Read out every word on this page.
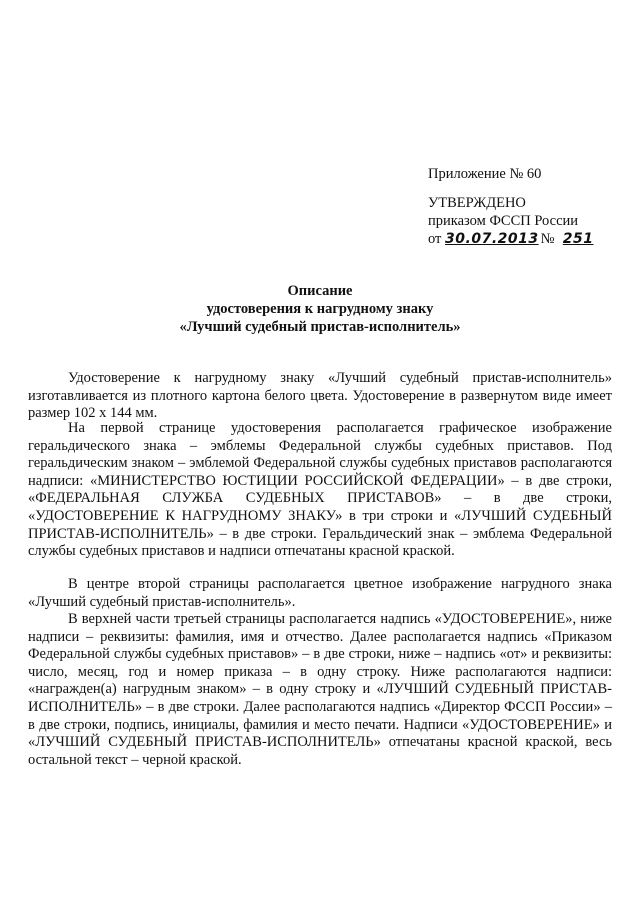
Приложение № 60
УТВЕРЖДЕНО
приказом ФССП России
от 30.07.2013 № 251
Описание
удостоверения к нагрудному знаку
«Лучший судебный пристав-исполнитель»

Удостоверение к нагрудному знаку «Лучший судебный пристав-исполнитель» изготавливается из плотного картона белого цвета. Удостоверение в развернутом виде имеет размер 102 х 144 мм.

На первой странице удостоверения располагается графическое изображение геральдического знака – эмблемы Федеральной службы судебных приставов. Под геральдическим знаком – эмблемой Федеральной службы судебных приставов располагаются надписи: «МИНИСТЕРСТВО ЮСТИЦИИ РОССИЙСКОЙ ФЕДЕРАЦИИ» – в две строки, «ФЕДЕРАЛЬНАЯ СЛУЖБА СУДЕБНЫХ ПРИСТАВОВ» – в две строки, «УДОСТОВЕРЕНИЕ К НАГРУДНОМУ ЗНАКУ» в три строки и «ЛУЧШИЙ СУДЕБНЫЙ ПРИСТАВ-ИСПОЛНИТЕЛЬ» – в две строки. Геральдический знак – эмблема Федеральной службы судебных приставов и надписи отпечатаны красной краской.

В центре второй страницы располагается цветное изображение нагрудного знака «Лучший судебный пристав-исполнитель».

В верхней части третьей страницы располагается надпись «УДОСТОВЕРЕНИЕ», ниже надписи – реквизиты: фамилия, имя и отчество. Далее располагается надпись «Приказом Федеральной службы судебных приставов» – в две строки, ниже – надпись «от» и реквизиты: число, месяц, год и номер приказа – в одну строку. Ниже располагаются надписи: «награжден(а) нагрудным знаком» – в одну строку и «ЛУЧШИЙ СУДЕБНЫЙ ПРИСТАВ-ИСПОЛНИТЕЛЬ» – в две строки. Далее располагаются надпись «Директор ФССП России» – в две строки, подпись, инициалы, фамилия и место печати. Надписи «УДОСТОВЕРЕНИЕ» и «ЛУЧШИЙ СУДЕБНЫЙ ПРИСТАВ-ИСПОЛНИТЕЛЬ» отпечатаны красной краской, весь остальной текст – черной краской.
